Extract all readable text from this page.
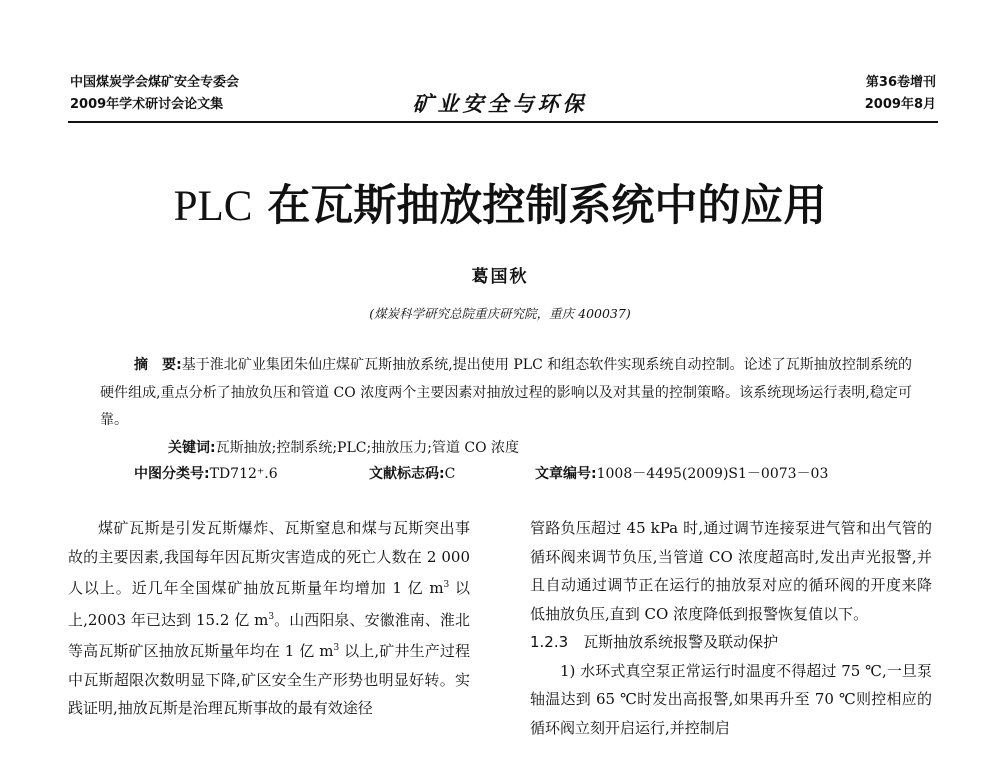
中国煤炭学会煤矿安全专委会
2009年学术研讨会论文集	矿业安全与环保
第36卷增刊
2009年8月
PLC 在瓦斯抽放控制系统中的应用
葛国秋
(煤炭科学研究总院重庆研究院，重庆 400037)

摘　要:基于淮北矿业集团朱仙庄煤矿瓦斯抽放系统,提出使用 PLC 和组态软件实现系统自动控制。论述了瓦斯抽放控制系统的硬件组成,重点分析了抽放负压和管道 CO 浓度两个主要因素对抽放过程的影响以及对其量的控制策略。该系统现场运行表明,稳定可靠。

关键词:瓦斯抽放;控制系统;PLC;抽放压力;管道 CO 浓度

中图分类号:TD712⁺.6	文献标志码:C	文章编号:1008－4495(2009)S1－0073－03

煤矿瓦斯是引发瓦斯爆炸、瓦斯窒息和煤与瓦斯突出事故的主要因素,我国每年因瓦斯灾害造成的死亡人数在 2 000 人以上。近几年全国煤矿抽放瓦斯量年均增加 1 亿 $m^3$ 以上,2003 年已达到 15.2 亿 $m^3$。山西阳泉、安徽淮南、淮北等高瓦斯矿区抽放瓦斯量年均在 1 亿 $m^3$ 以上,矿井生产过程中瓦斯超限次数明显下降,矿区安全生产形势也明显好转。实践证明,抽放瓦斯是治理瓦斯事故的最有效途径

管路负压超过 45 kPa 时,通过调节连接泵进气管和出气管的循环阀来调节负压,当管道 CO 浓度超高时,发出声光报警,并且自动通过调节正在运行的抽放泵对应的循环阀的开度来降低抽放负压,直到 CO 浓度降低到报警恢复值以下。

1.2.3　瓦斯抽放系统报警及联动保护

1) 水环式真空泵正常运行时温度不得超过 75 ℃,一旦泵轴温达到 65 ℃时发出高报警,如果再升至 70 ℃则控相应的循环阀立刻开启运行,并控制启
